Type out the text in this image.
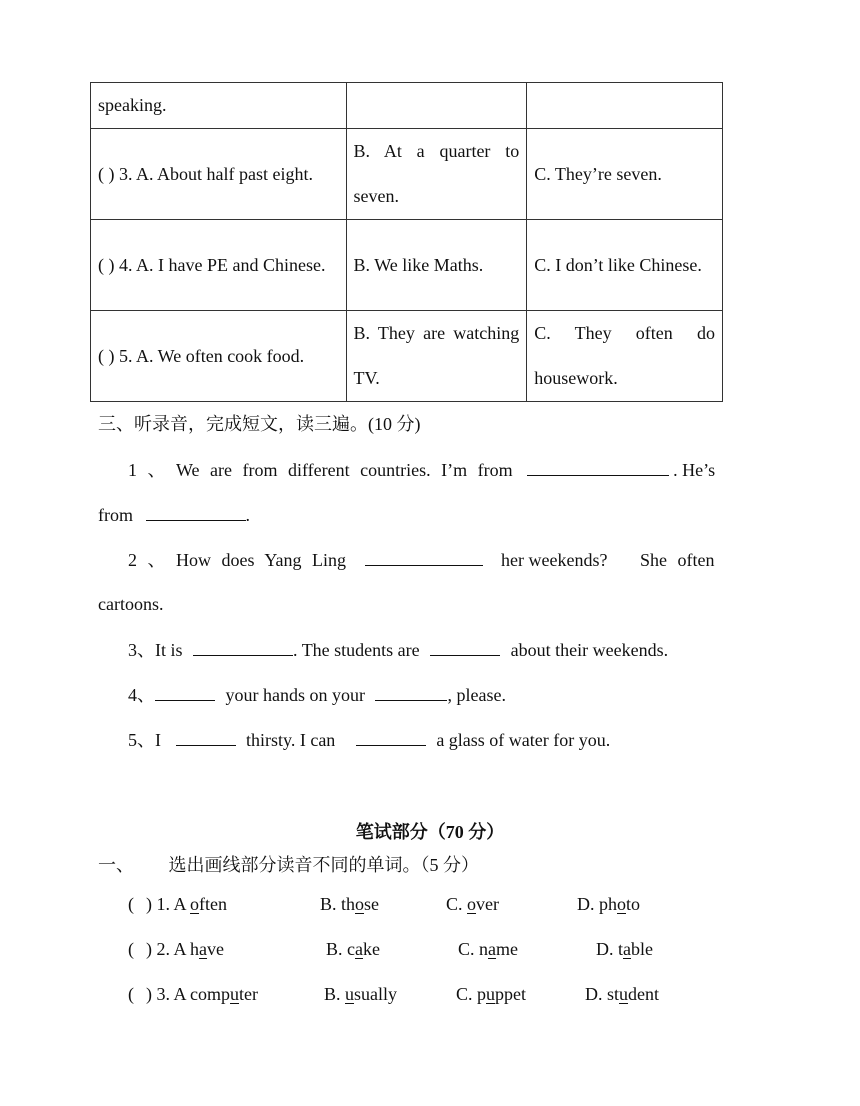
speaking.		
( ) 3. A. About half past eight.	B. At a quarter to seven.	C. They’re seven.
( ) 4. A. I have PE and Chinese.	B. We like Maths.	C. I don’t like Chinese.
( ) 5. A. We often cook food.	B. They are watching TV.	C. They often do housework.
三、听录音，完成短文，读三遍。(10 分)
1 、 We are from different countries. I’m from	. He’s
from	.
2 、 How does Yang Ling	her weekends? She often
cartoons.
3、It is	. The students are	about their weekends.
4、	your hands on your	, please.
5、I	thirsty. I can	a glass of water for you.
笔试部分（70 分）
一、 选出画线部分读音不同的单词。（5 分）
( ) 1. A often	B. those	C. over	D. photo
( ) 2. A have	B. cake	C. name	D. table
( ) 3. A computer	B. usually	C. puppet	D. student
